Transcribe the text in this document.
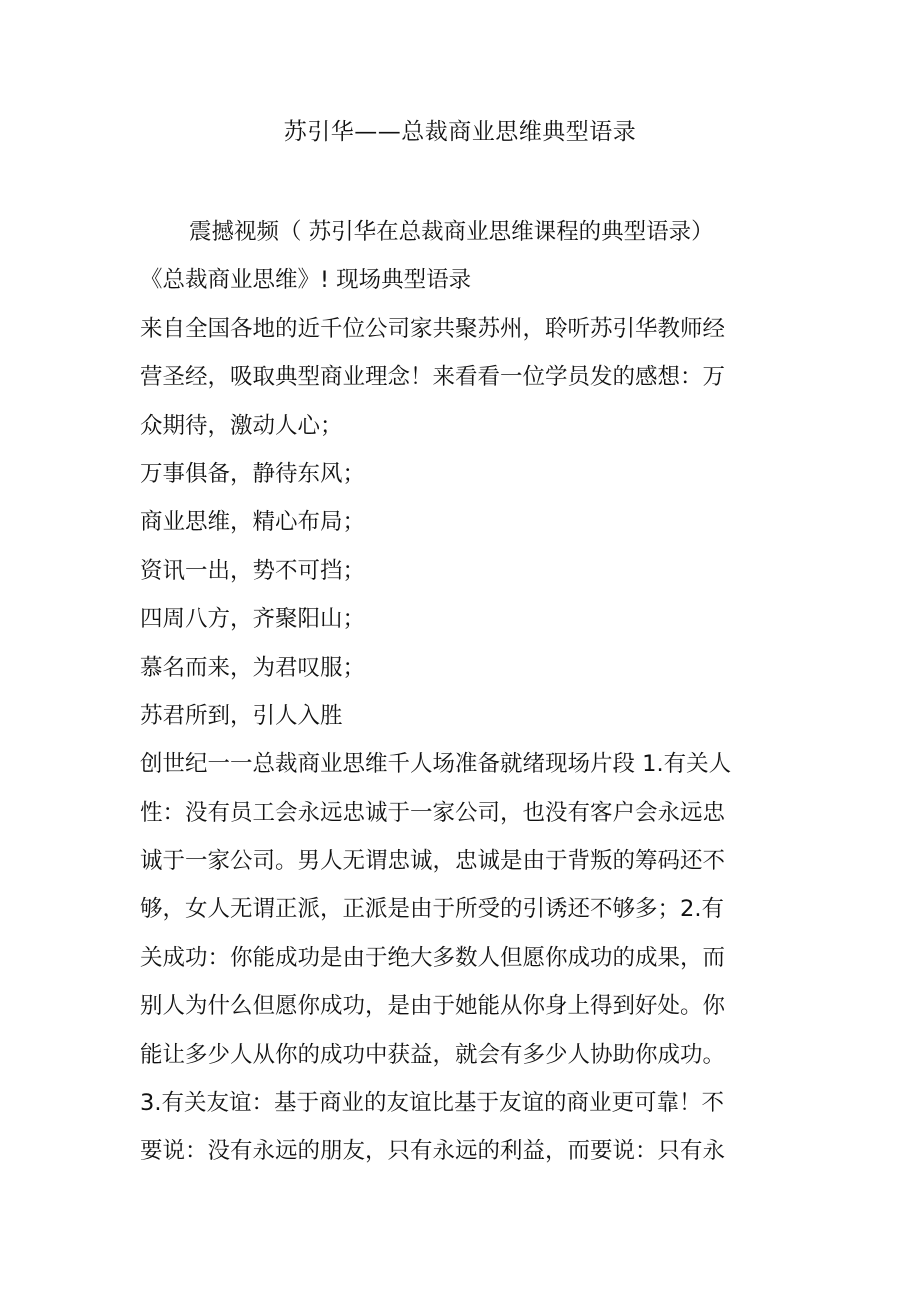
苏引华——总裁商业思维典型语录
震撼视频（ 苏引华在总裁商业思维课程的典型语录）
《总裁商业思维》! 现场典型语录
来自全国各地的近千位公司家共聚苏州，聆听苏引华教师经
营圣经，吸取典型商业理念！来看看一位学员发的感想：万
众期待，激动人心；
万事俱备，静待东风；
商业思维，精心布局；
资讯一出，势不可挡；
四周八方，齐聚阳山；
慕名而来，为君叹服；
苏君所到，引人入胜
创世纪一一总裁商业思维千人场准备就绪现场片段 1.有关人
性：没有员工会永远忠诚于一家公司，也没有客户会永远忠
诚于一家公司。男人无谓忠诚，忠诚是由于背叛的筹码还不
够，女人无谓正派，正派是由于所受的引诱还不够多；2.有
关成功：你能成功是由于绝大多数人但愿你成功的成果，而
别人为什么但愿你成功，是由于她能从你身上得到好处。你
能让多少人从你的成功中获益，就会有多少人协助你成功。
3.有关友谊：基于商业的友谊比基于友谊的商业更可靠！不
要说：没有永远的朋友，只有永远的利益，而要说：只有永
